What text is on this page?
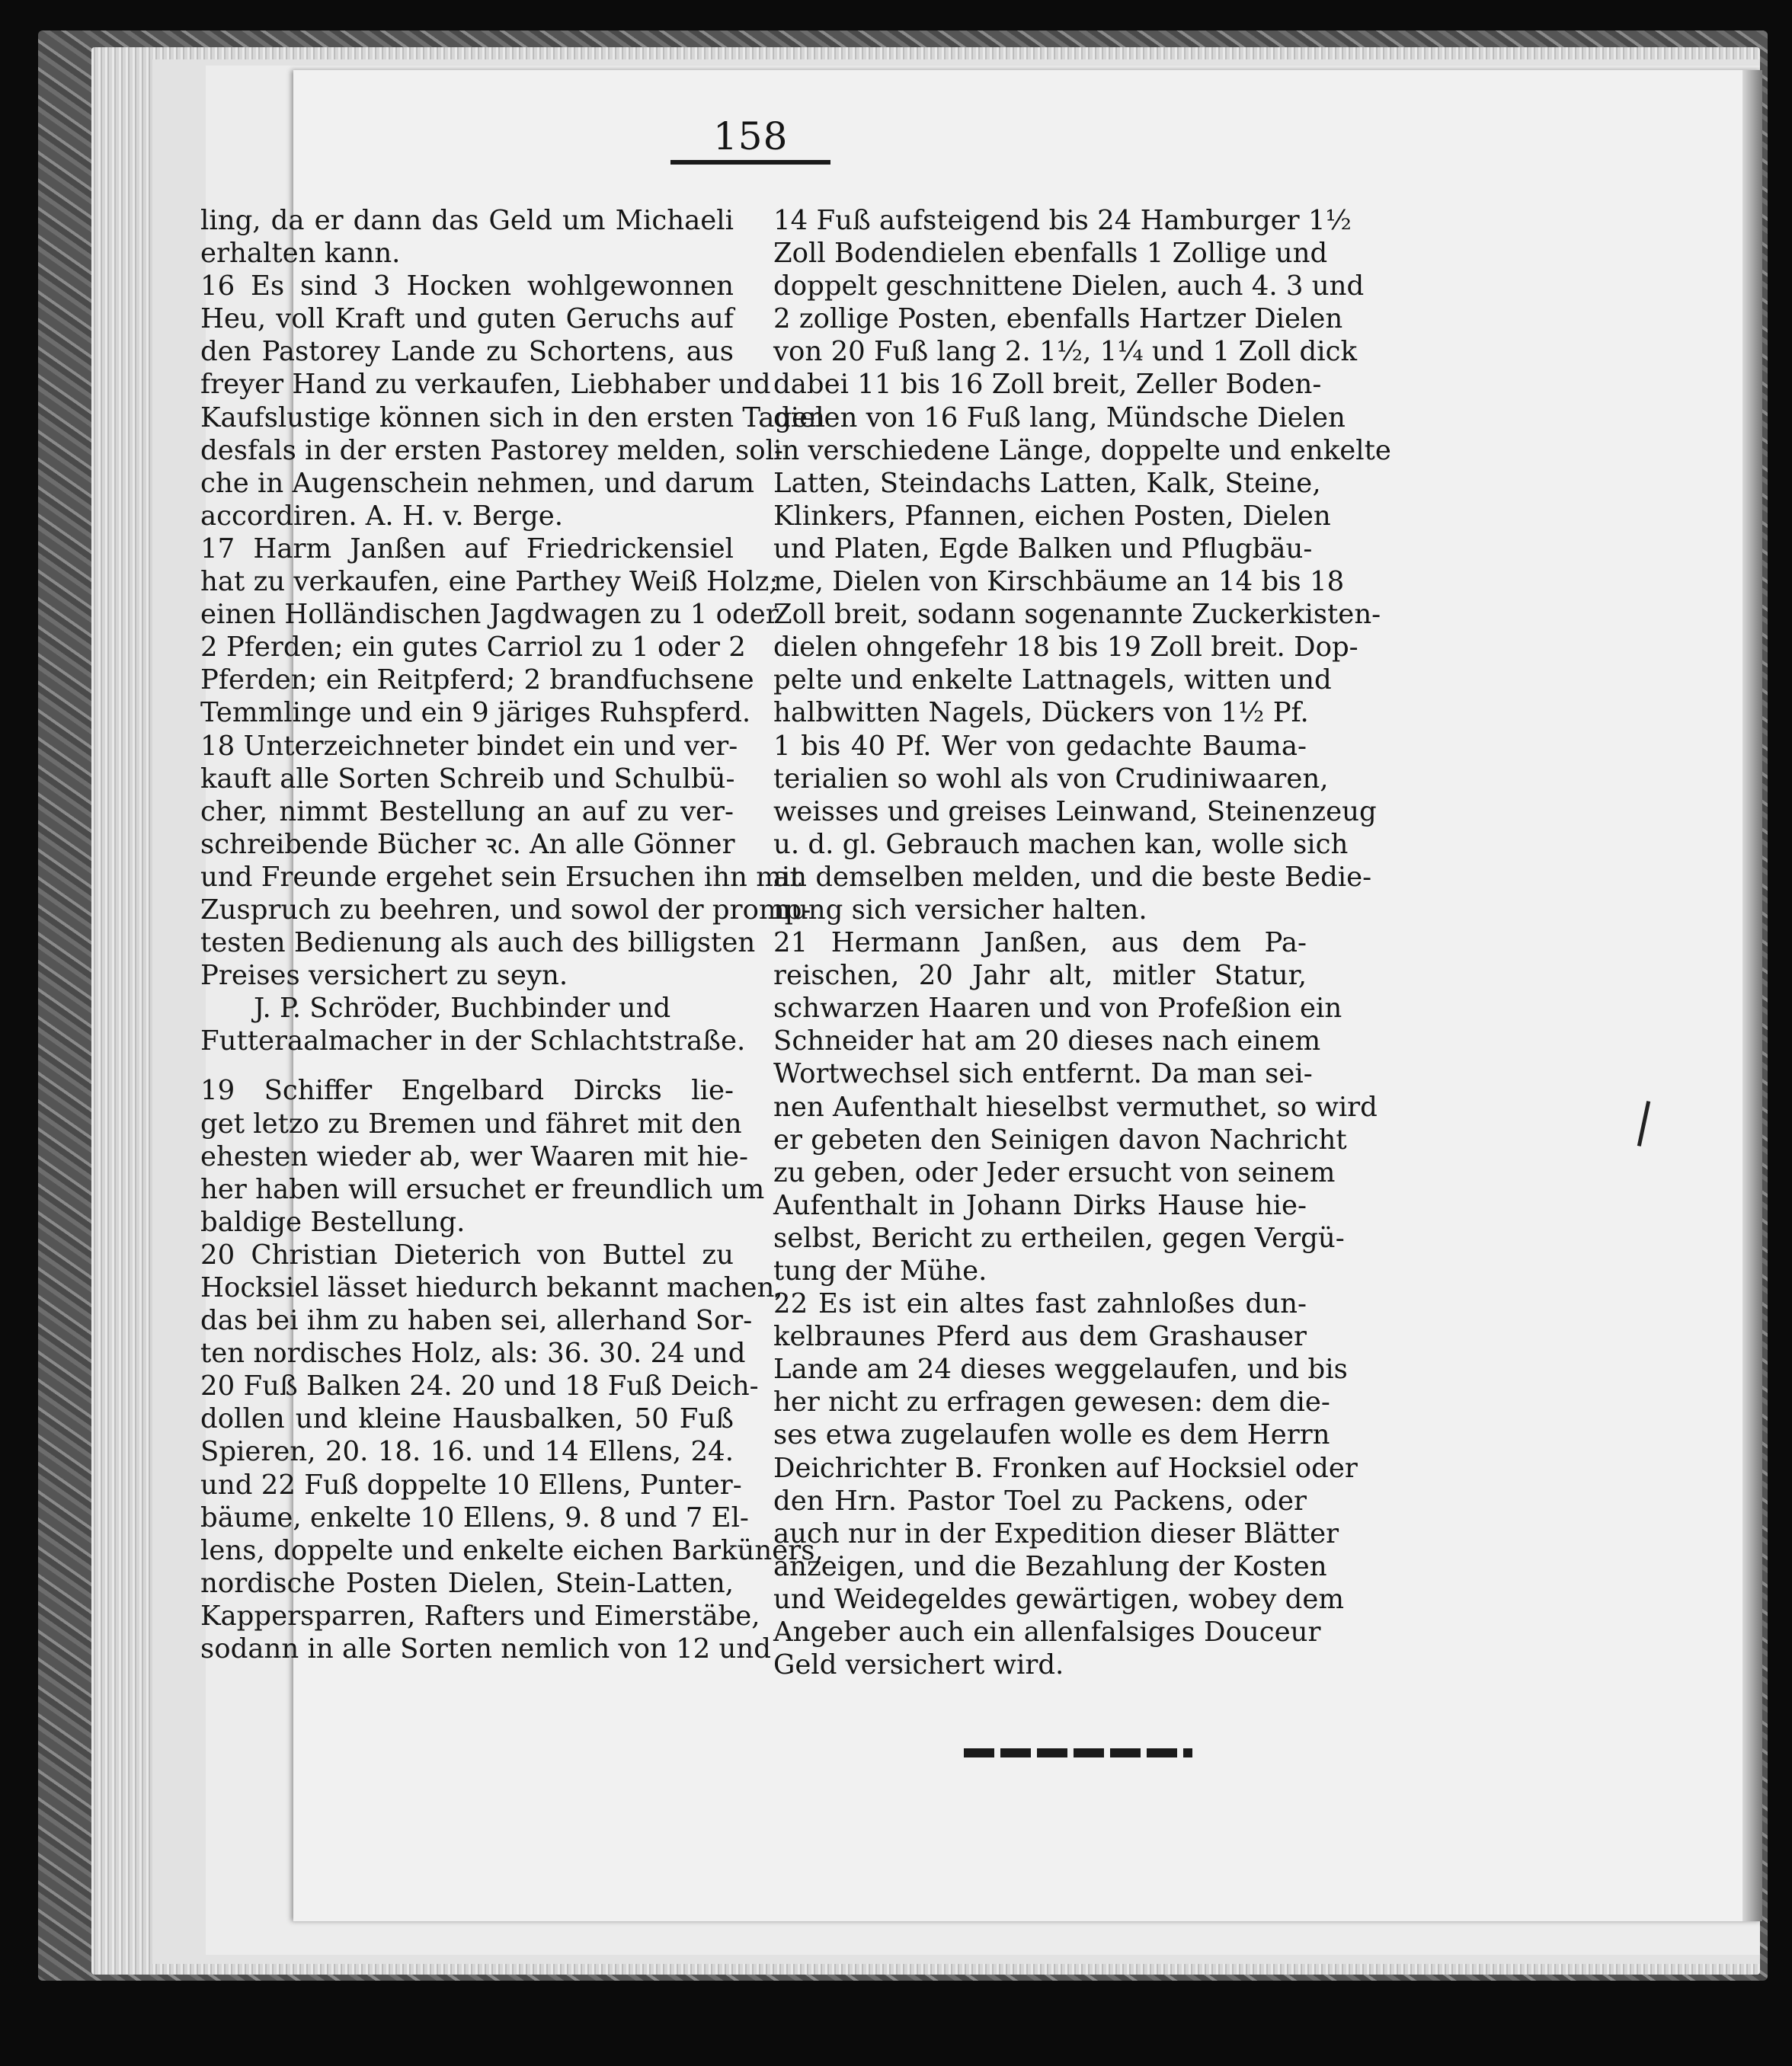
158
ling, da er dann das Geld um Michaeli
erhalten kann.
16 Es sind 3 Hocken wohlgewonnen
Heu, voll Kraft und guten Geruchs auf
den Pastorey Lande zu Schortens, aus
freyer Hand zu verkaufen, Liebhaber und
Kaufslustige können sich in den ersten Tagen
desfals in der ersten Pastorey melden, sol-
che in Augenschein nehmen, und darum
accordiren. A. H. v. Berge.
17 Harm Janßen auf Friedrickensiel
hat zu verkaufen, eine Parthey Weiß Holz;
einen Holländischen Jagdwagen zu 1 oder
2 Pferden; ein gutes Carriol zu 1 oder 2
Pferden; ein Reitpferd; 2 brandfuchsene
Temmlinge und ein 9 järiges Ruhspferd.
18 Unterzeichneter bindet ein und ver-
kauft alle Sorten Schreib und Schulbü-
cher, nimmt Bestellung an auf zu ver-
schreibende Bücher ꝛc. An alle Gönner
und Freunde ergehet sein Ersuchen ihn mit
Zuspruch zu beehren, und sowol der promp-
testen Bedienung als auch des billigsten
Preises versichert zu seyn.
J. P. Schröder, Buchbinder und
Futteraalmacher in der Schlachtstraße.
19 Schiffer Engelbard Dircks lie-
get letzo zu Bremen und fähret mit den
ehesten wieder ab, wer Waaren mit hie-
her haben will ersuchet er freundlich um
baldige Bestellung.
20 Christian Dieterich von Buttel zu
Hocksiel lässet hiedurch bekannt machen,
das bei ihm zu haben sei, allerhand Sor-
ten nordisches Holz, als: 36. 30. 24 und
20 Fuß Balken 24. 20 und 18 Fuß Deich-
dollen und kleine Hausbalken, 50 Fuß
Spieren, 20. 18. 16. und 14 Ellens, 24.
und 22 Fuß doppelte 10 Ellens, Punter-
bäume, enkelte 10 Ellens, 9. 8 und 7 El-
lens, doppelte und enkelte eichen Barküners,
nordische Posten Dielen, Stein-Latten,
Kappersparren, Rafters und Eimerstäbe,
sodann in alle Sorten nemlich von 12 und
14 Fuß aufsteigend bis 24 Hamburger 1½
Zoll Bodendielen ebenfalls 1 Zollige und
doppelt geschnittene Dielen, auch 4. 3 und
2 zollige Posten, ebenfalls Hartzer Dielen
von 20 Fuß lang 2. 1½, 1¼ und 1 Zoll dick
dabei 11 bis 16 Zoll breit, Zeller Boden-
dielen von 16 Fuß lang, Mündsche Dielen
in verschiedene Länge, doppelte und enkelte
Latten, Steindachs Latten, Kalk, Steine,
Klinkers, Pfannen, eichen Posten, Dielen
und Platen, Egde Balken und Pflugbäu-
me, Dielen von Kirschbäume an 14 bis 18
Zoll breit, sodann sogenannte Zuckerkisten-
dielen ohngefehr 18 bis 19 Zoll breit. Dop-
pelte und enkelte Lattnagels, witten und
halbwitten Nagels, Dückers von 1½ Pf.
1 bis 40 Pf. Wer von gedachte Bauma-
terialien so wohl als von Crudiniwaaren,
weisses und greises Leinwand, Steinenzeug
u. d. gl. Gebrauch machen kan, wolle sich
an demselben melden, und die beste Bedie-
nung sich versicher halten.
21 Hermann Janßen, aus dem Pa-
reischen, 20 Jahr alt, mitler Statur,
schwarzen Haaren und von Profeßion ein
Schneider hat am 20 dieses nach einem
Wortwechsel sich entfernt. Da man sei-
nen Aufenthalt hieselbst vermuthet, so wird
er gebeten den Seinigen davon Nachricht
zu geben, oder Jeder ersucht von seinem
Aufenthalt in Johann Dirks Hause hie-
selbst, Bericht zu ertheilen, gegen Vergü-
tung der Mühe.
22 Es ist ein altes fast zahnloßes dun-
kelbraunes Pferd aus dem Grashauser
Lande am 24 dieses weggelaufen, und bis
her nicht zu erfragen gewesen: dem die-
ses etwa zugelaufen wolle es dem Herrn
Deichrichter B. Fronken auf Hocksiel oder
den Hrn. Pastor Toel zu Packens, oder
auch nur in der Expedition dieser Blätter
anzeigen, und die Bezahlung der Kosten
und Weidegeldes gewärtigen, wobey dem
Angeber auch ein allenfalsiges Douceur
Geld versichert wird.
